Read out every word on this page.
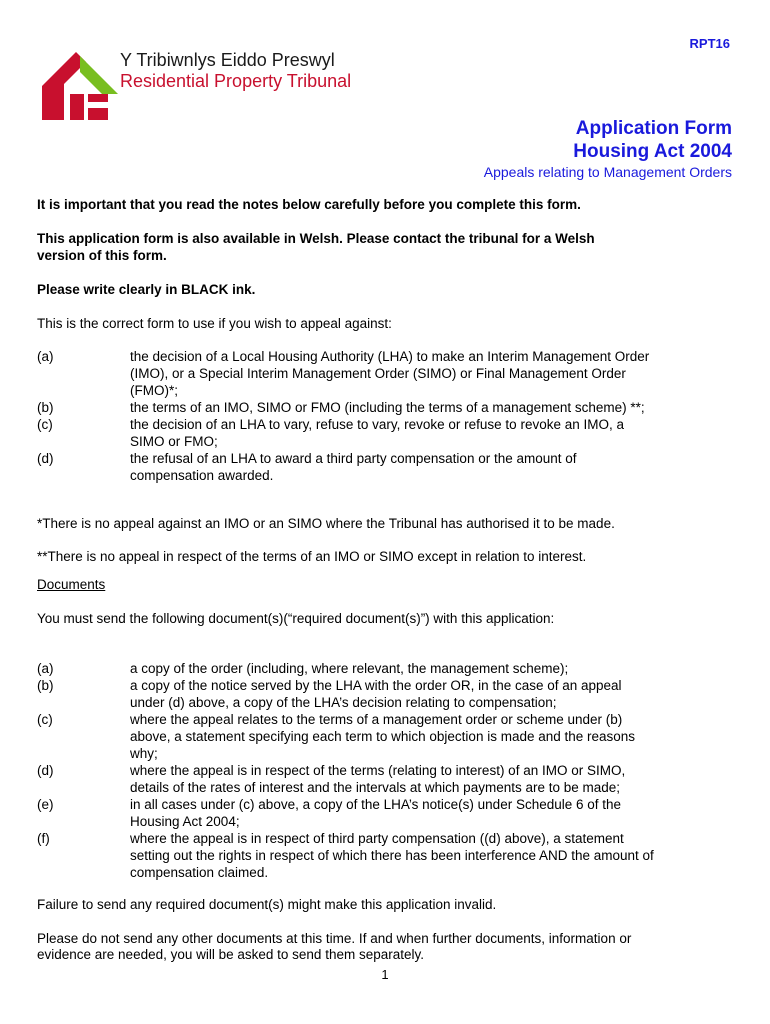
Y Tribiwnlys Eiddo Preswyl
Residential Property Tribunal
RPT16
Application Form
Housing Act 2004
Appeals relating to Management Orders
It is important that you read the notes below carefully before you complete this form.
This application form is also available in Welsh. Please contact the tribunal for a Welsh
version of this form.
Please write clearly in BLACK ink.
This is the correct form to use if you wish to appeal against:
(a)	the decision of a Local Housing Authority (LHA) to make an Interim Management Order
(IMO), or a Special Interim Management Order (SIMO) or Final Management Order
(FMO)*;
(b)	the terms of an IMO, SIMO or FMO (including the terms of a management scheme) **;
(c)	the decision of an LHA to vary, refuse to vary, revoke or refuse to revoke an IMO, a
SIMO or FMO;
(d)	the refusal of an LHA to award a third party compensation or the amount of
compensation awarded.
*There is no appeal against an IMO or an SIMO where the Tribunal has authorised it to be made.
**There is no appeal in respect of the terms of an IMO or SIMO except in relation to interest.
Documents
You must send the following document(s)(“required document(s)”) with this application:
(a)	a copy of the order (including, where relevant, the management scheme);
(b)	a copy of the notice served by the LHA with the order OR, in the case of an appeal
under (d) above, a copy of the LHA’s decision relating to compensation;
(c)	where the appeal relates to the terms of a management order or scheme under (b)
above, a statement specifying each term to which objection is made and the reasons
why;
(d)	where the appeal is in respect of the terms (relating to interest) of an IMO or SIMO,
details of the rates of interest and the intervals at which payments are to be made;
(e)	in all cases under (c) above, a copy of the LHA’s notice(s) under Schedule 6 of the
Housing Act 2004;
(f)	where the appeal is in respect of third party compensation ((d) above), a statement
setting out the rights in respect of which there has been interference AND the amount of
compensation claimed.
Failure to send any required document(s) might make this application invalid.
Please do not send any other documents at this time. If and when further documents, information or
evidence are needed, you will be asked to send them separately.
1
